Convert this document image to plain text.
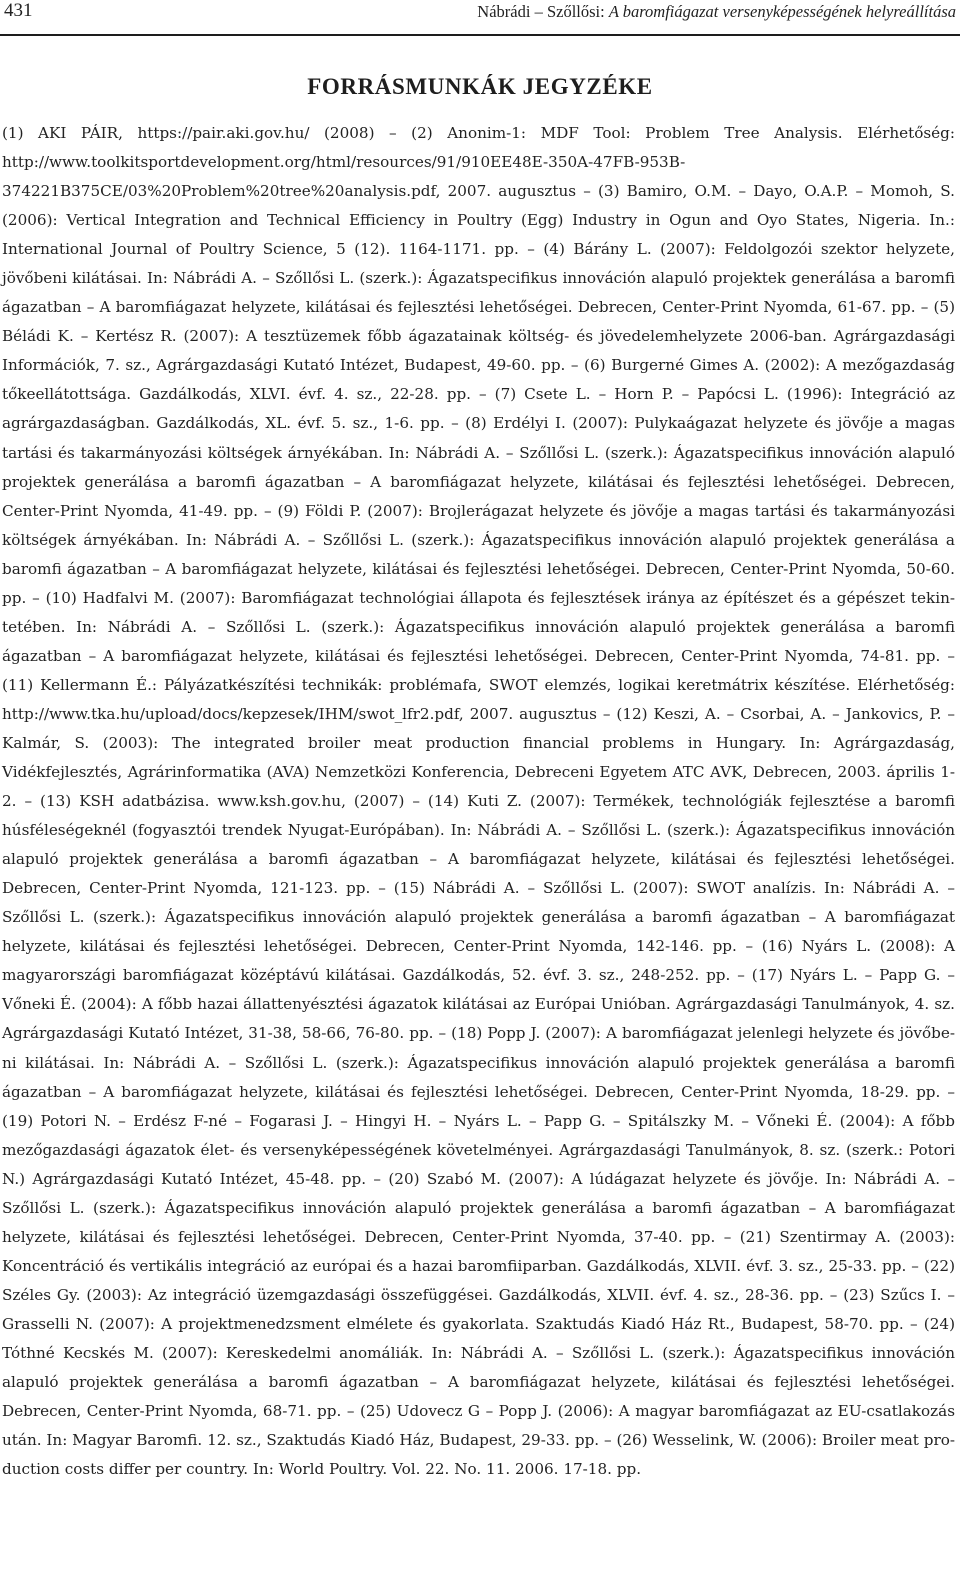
431	Nábrádi – Szőllősi: A baromfiágazat versenyképességének helyreállítása

FORRÁSMUNKÁK JEGYZÉKE

(1) AKI PÁIR, https://pair.aki.gov.hu/ (2008) – (2) Anonim-1: MDF Tool: Problem Tree Analysis. Elérhetőség: http://www.toolkitsportdevelopment.org/html/resources/91/910EE48E-350A-47FB-953B-374221B375CE/03%20Problem%20tree%20analysis.pdf, 2007. augusztus – (3) Bamiro, O.M. – Dayo, O.A.P. – Momoh, S. (2006): Vertical Integration and Technical Efficiency in Poultry (Egg) Industry in Ogun and Oyo States, Nigeria. In.: International Journal of Poultry Science, 5 (12). 1164-1171. pp. – (4) Bárány L. (2007): Feldolgozói szektor helyzete, jövőbeni kilátásai. In: Nábrádi A. – Szőllősi L. (szerk.): Ágazatspecifikus innováción alapuló projektek generálása a baromfi ágazatban – A baromfiágazat helyzete, kilátásai és fejlesztési lehetőségei. Debrecen, Center-Print Nyomda, 61-67. pp. – (5) Béládi K. – Kertész R. (2007): A tesztüzemek főbb ágazatainak költség- és jövedelemhelyzete 2006-ban. Agrárgazdasági Információk, 7. sz., Agrárgazdasági Kutató Intézet, Budapest, 49-60. pp. – (6) Burgerné Gimes A. (2002): A mezőgazdaság tőkeellátottsága. Gazdálkodás, XLVI. évf. 4. sz., 22-28. pp. – (7) Csete L. – Horn P. – Papócsi L. (1996): Integráció az agrárgazdaságban. Gazdálkodás, XL. évf. 5. sz., 1-6. pp. – (8) Erdélyi I. (2007): Pulykaágazat helyzete és jövője a magas tartási és takarmányozási költségek árnyékában. In: Nábrádi A. – Szőllősi L. (szerk.): Ágazatspecifikus innováción alapuló projektek generálása a baromfi ágazatban – A baromfiágazat helyzete, kilátásai és fejlesztési lehetőségei. Debrecen, Center-Print Nyomda, 41-49. pp. – (9) Földi P. (2007): Brojlerágazat helyzete és jövője a magas tartási és takarmányozási költségek árnyékában. In: Nábrádi A. – Szőllősi L. (szerk.): Ágazatspecifikus innováción alapuló projektek generálása a baromfi ágazatban – A baromfiágazat helyzete, kilátásai és fejlesztési lehetőségei. Debrecen, Center-Print Nyomda, 50-60. pp. – (10) Hadfalvi M. (2007): Baromfiágazat technológiai állapota és fejlesztések iránya az építészet és a gépészet tekintetében. In: Nábrádi A. – Szőllősi L. (szerk.): Ágazatspecifikus innováción alapuló projektek generálása a baromfi ágazatban – A baromfiágazat helyzete, kilátásai és fejlesztési lehetőségei. Debrecen, Center-Print Nyomda, 74-81. pp. – (11) Kellermann É.: Pályázatkészítési technikák: problémafa, SWOT elemzés, logikai keretmátrix készítése. Elérhetőség: http://www.tka.hu/upload/docs/kepzesek/IHM/swot_lfr2.pdf, 2007. augusztus – (12) Keszi, A. – Csorbai, A. – Jankovics, P. – Kalmár, S. (2003): The integrated broiler meat production financial problems in Hungary. In: Agrárgazdaság, Vidékfejlesztés, Agrárinformatika (AVA) Nemzetközi Konferencia, Debreceni Egyetem ATC AVK, Debrecen, 2003. április 1-2. – (13) KSH adatbázisa. www.ksh.gov.hu, (2007) – (14) Kuti Z. (2007): Termékek, technológiák fejlesztése a baromfi húsféleségeknél (fogyasztói trendek Nyugat-Európában). In: Nábrádi A. – Szőllősi L. (szerk.): Ágazatspecifikus innováción alapuló projektek generálása a baromfi ágazatban – A baromfiágazat helyzete, kilátásai és fejlesztési lehetőségei. Debrecen, Center-Print Nyomda, 121-123. pp. – (15) Nábrádi A. – Szőllősi L. (2007): SWOT analízis. In: Nábrádi A. – Szőllősi L. (szerk.): Ágazatspecifikus innováción alapuló projektek generálása a baromfi ágazatban – A baromfiágazat helyzete, kilátásai és fejlesztési lehetőségei. Debrecen, Center-Print Nyomda, 142-146. pp. – (16) Nyárs L. (2008): A magyarországi baromfiágazat középtávú kilátásai. Gazdálkodás, 52. évf. 3. sz., 248-252. pp. – (17) Nyárs L. – Papp G. – Vőneki É. (2004): A főbb hazai állattenyésztési ágazatok kilátásai az Európai Unióban. Agrárgazdasági Tanulmányok, 4. sz. Agrárgazdasági Kutató Intézet, 31-38, 58-66, 76-80. pp. – (18) Popp J. (2007): A baromfiágazat jelenlegi helyzete és jövőbeni kilátásai. In: Nábrádi A. – Szőllősi L. (szerk.): Ágazatspecifikus innováción alapuló projektek generálása a baromfi ágazatban – A baromfiágazat helyzete, kilátásai és fejlesztési lehetőségei. Debrecen, Center-Print Nyomda, 18-29. pp. – (19) Potori N. – Erdész F-né – Fogarasi J. – Hingyi H. – Nyárs L. – Papp G. – Spitálszky M. – Vőneki É. (2004): A főbb mezőgazdasági ágazatok élet- és versenyképességének követelményei. Agrárgazdasági Tanulmányok, 8. sz. (szerk.: Potori N.) Agrárgazdasági Kutató Intézet, 45-48. pp. – (20) Szabó M. (2007): A lúdágazat helyzete és jövője. In: Nábrádi A. – Szőllősi L. (szerk.): Ágazatspecifikus innováción alapuló projektek generálása a baromfi ágazatban – A baromfiágazat helyzete, kilátásai és fejlesztési lehetőségei. Debrecen, Center-Print Nyomda, 37-40. pp. – (21) Szentirmay A. (2003): Koncentráció és vertikális integráció az európai és a hazai baromfiiparban. Gazdálkodás, XLVII. évf. 3. sz., 25-33. pp. – (22) Széles Gy. (2003): Az integráció üzemgazdasági összefüggései. Gazdálkodás, XLVII. évf. 4. sz., 28-36. pp. – (23) Szűcs I. – Grasselli N. (2007): A projektmenedzsment elmélete és gyakorlata. Szaktudás Kiadó Ház Rt., Budapest, 58-70. pp. – (24) Tóthné Kecskés M. (2007): Kereskedelmi anomáliák. In: Nábrádi A. – Szőllősi L. (szerk.): Ágazatspecifikus innováción alapuló projektek generálása a baromfi ágazatban – A baromfiágazat helyzete, kilátásai és fejlesztési lehetőségei. Debrecen, Center-Print Nyomda, 68-71. pp. – (25) Udovecz G – Popp J. (2006): A magyar baromfiágazat az EU-csatlakozás után. In: Magyar Baromfi. 12. sz., Szaktudás Kiadó Ház, Budapest, 29-33. pp. – (26) Wesselink, W. (2006): Broiler meat production costs differ per country. In: World Poultry. Vol. 22. No. 11. 2006. 17-18. pp.
